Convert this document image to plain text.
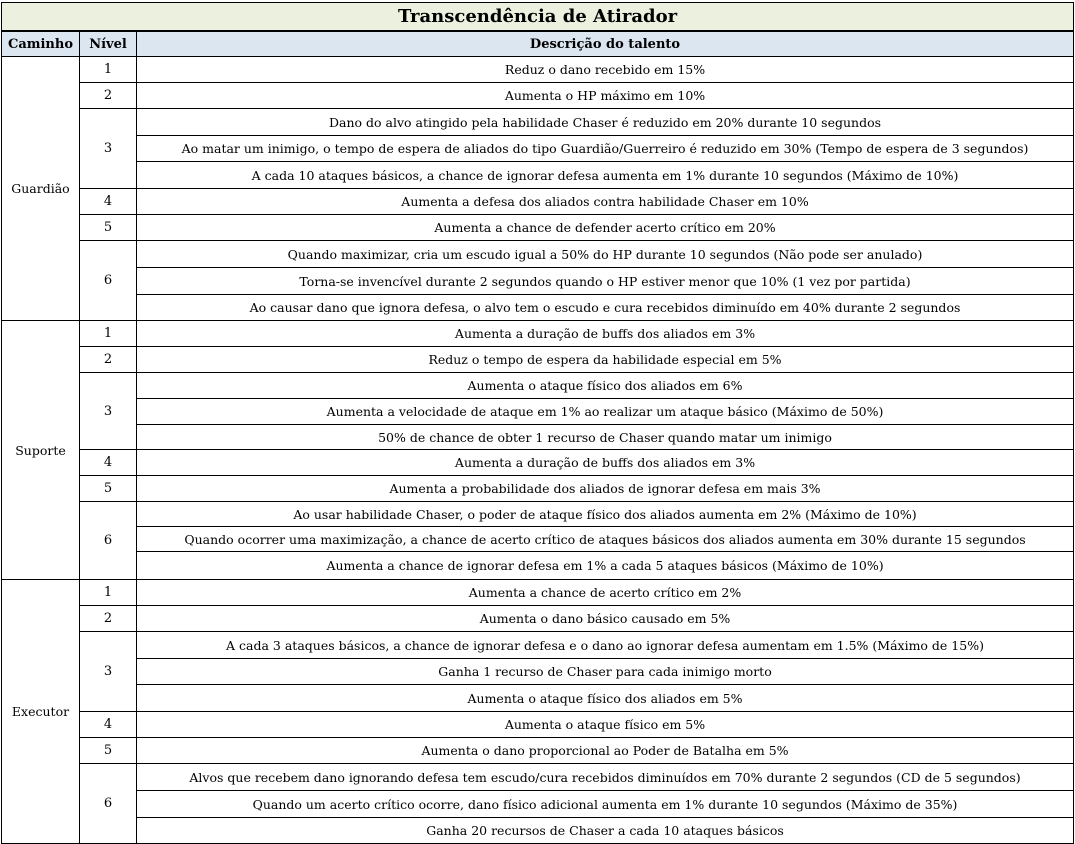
Transcendência de Atirador		
Caminho	Nível	Descrição do talento
Guardião	1	Reduz o dano recebido em 15%
	2	Aumenta o HP máximo em 10%
	3	Dano do alvo atingido pela habilidade Chaser é reduzido em 20% durante 10 segundos
		Ao matar um inimigo, o tempo de espera de aliados do tipo Guardião/Guerreiro é reduzido em 30% (Tempo de espera de 3 segundos)
		A cada 10 ataques básicos, a chance de ignorar defesa aumenta em 1% durante 10 segundos (Máximo de 10%)
	4	Aumenta a defesa dos aliados contra habilidade Chaser em 10%
	5	Aumenta a chance de defender acerto crítico em 20%
	6	Quando maximizar, cria um escudo igual a 50% do HP durante 10 segundos (Não pode ser anulado)
		Torna-se invencível durante 2 segundos quando o HP estiver menor que 10% (1 vez por partida)
		Ao causar dano que ignora defesa, o alvo tem o escudo e cura recebidos diminuído em 40% durante 2 segundos
Suporte	1	Aumenta a duração de buffs dos aliados em 3%
	2	Reduz o tempo de espera da habilidade especial em 5%
	3	Aumenta o ataque físico dos aliados em 6%
		Aumenta a velocidade de ataque em 1% ao realizar um ataque básico (Máximo de 50%)
		50% de chance de obter 1 recurso de Chaser quando matar um inimigo
	4	Aumenta a duração de buffs dos aliados em 3%
	5	Aumenta a probabilidade dos aliados de ignorar defesa em mais 3%
	6	Ao usar habilidade Chaser, o poder de ataque físico dos aliados aumenta em 2% (Máximo de 10%)
		Quando ocorrer uma maximização, a chance de acerto crítico de ataques básicos dos aliados aumenta em 30% durante 15 segundos
		Aumenta a chance de ignorar defesa em 1% a cada 5 ataques básicos (Máximo de 10%)
Executor	1	Aumenta a chance de acerto crítico em 2%
	2	Aumenta o dano básico causado em 5%
	3	A cada 3 ataques básicos, a chance de ignorar defesa e o dano ao ignorar defesa aumentam em 1.5% (Máximo de 15%)
		Ganha 1 recurso de Chaser para cada inimigo morto
		Aumenta o ataque físico dos aliados em 5%
	4	Aumenta o ataque físico em 5%
	5	Aumenta o dano proporcional ao Poder de Batalha em 5%
	6	Alvos que recebem dano ignorando defesa tem escudo/cura recebidos diminuídos em 70% durante 2 segundos (CD de 5 segundos)
		Quando um acerto crítico ocorre, dano físico adicional aumenta em 1% durante 10 segundos (Máximo de 35%)
		Ganha 20 recursos de Chaser a cada 10 ataques básicos
